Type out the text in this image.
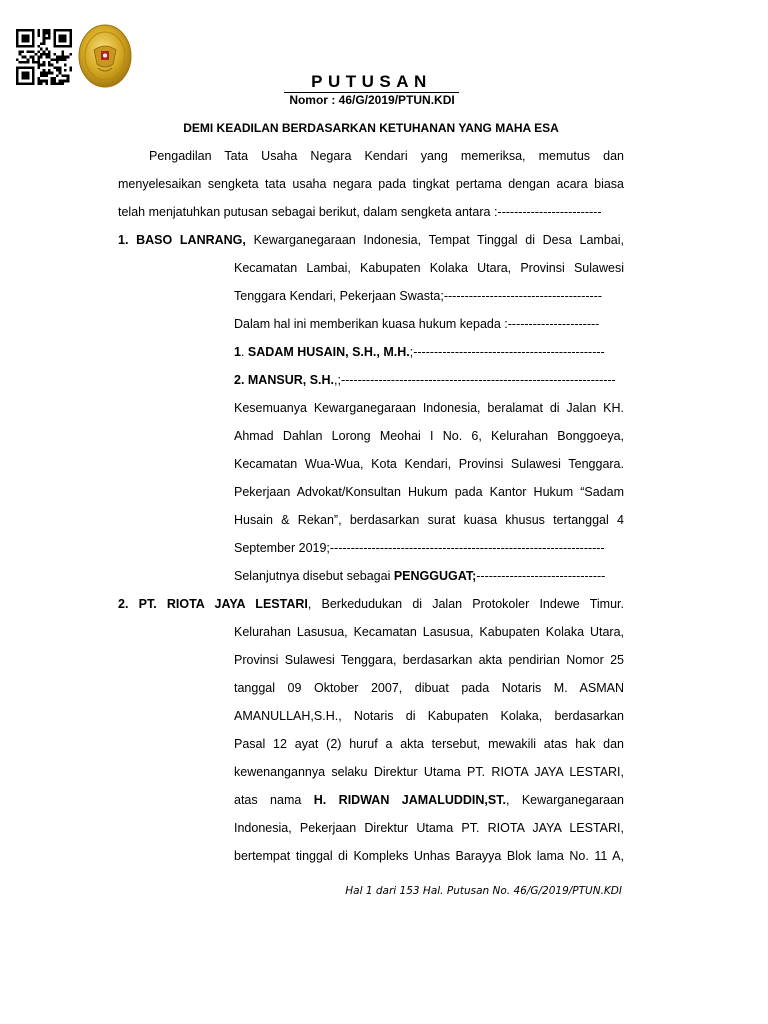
PUTUSAN
Nomor : 46/G/2019/PTUN.KDI
DEMI KEADILAN BERDASARKAN KETUHANAN YANG MAHA ESA
Pengadilan Tata Usaha Negara Kendari yang memeriksa, memutus dan
menyelesaikan sengketa tata usaha negara pada tingkat pertama dengan acara biasa
telah menjatuhkan putusan sebagai berikut, dalam sengketa antara :-------------------------
1. BASO LANRANG, Kewarganegaraan Indonesia, Tempat Tinggal di Desa Lambai,
Kecamatan Lambai, Kabupaten Kolaka Utara, Provinsi Sulawesi
Tenggara Kendari, Pekerjaan Swasta;--------------------------------------
Dalam hal ini memberikan kuasa hukum kepada :----------------------
1. SADAM HUSAIN, S.H., M.H.;----------------------------------------------
2. MANSUR, S.H.,;------------------------------------------------------------------
Kesemuanya Kewarganegaraan Indonesia, beralamat di Jalan KH.
Ahmad Dahlan Lorong Meohai I No. 6, Kelurahan Bonggoeya,
Kecamatan Wua-Wua, Kota Kendari, Provinsi Sulawesi Tenggara.
Pekerjaan Advokat/Konsultan Hukum pada Kantor Hukum “Sadam
Husain & Rekan”, berdasarkan surat kuasa khusus tertanggal 4
September 2019;------------------------------------------------------------------
Selanjutnya disebut sebagai PENGGUGAT;-------------------------------
2. PT. RIOTA JAYA LESTARI, Berkedudukan di Jalan Protokoler Indewe Timur.
Kelurahan Lasusua, Kecamatan Lasusua, Kabupaten Kolaka Utara,
Provinsi Sulawesi Tenggara, berdasarkan akta pendirian Nomor 25
tanggal 09 Oktober 2007, dibuat pada Notaris M. ASMAN
AMANULLAH,S.H., Notaris di Kabupaten Kolaka, berdasarkan
Pasal 12 ayat (2) huruf a akta tersebut, mewakili atas hak dan
kewenangannya selaku Direktur Utama PT. RIOTA JAYA LESTARI,
atas nama H. RIDWAN JAMALUDDIN,ST., Kewarganegaraan
Indonesia, Pekerjaan Direktur Utama PT. RIOTA JAYA LESTARI,
bertempat tinggal di Kompleks Unhas Barayya Blok lama No. 11 A,
Hal 1 dari 153 Hal. Putusan No. 46/G/2019/PTUN.KDI
